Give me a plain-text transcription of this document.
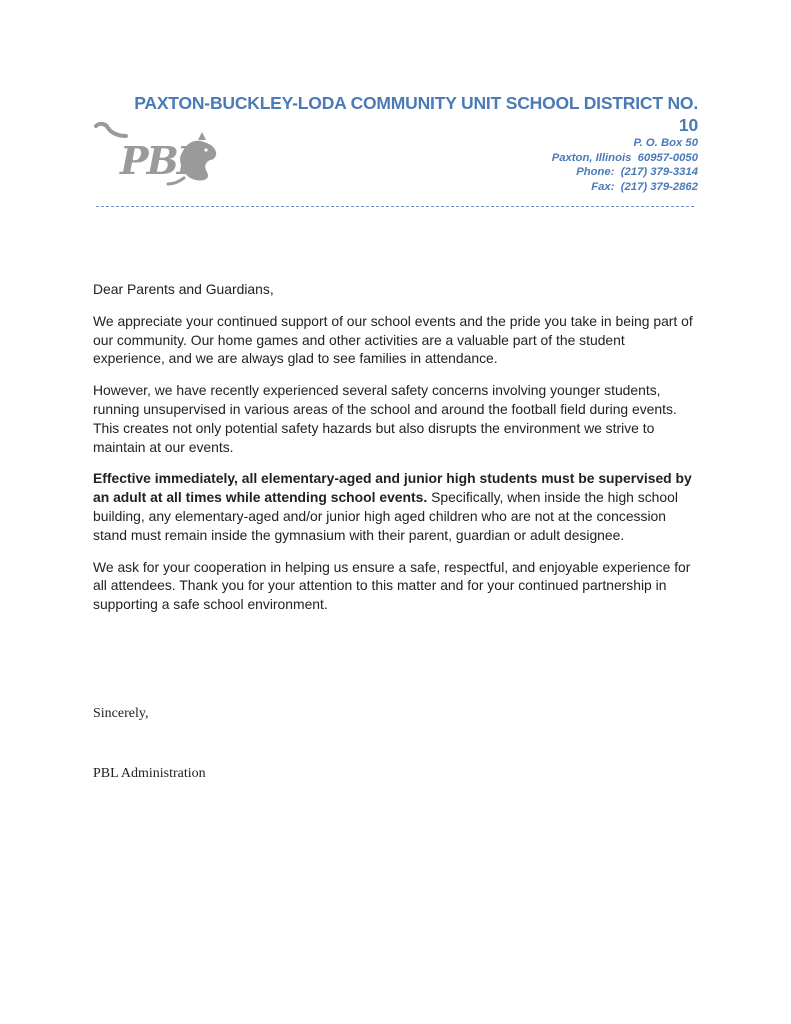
PBL
PAXTON-BUCKLEY-LODA COMMUNITY UNIT SCHOOL DISTRICT NO. 10
P. O. Box 50
Paxton, Illinois  60957-0050
Phone:  (217) 379-3314
Fax:  (217) 379-2862

Dear Parents and Guardians,

We appreciate your continued support of our school events and the pride you take in being part of our community. Our home games and other activities are a valuable part of the student experience, and we are always glad to see families in attendance.

However, we have recently experienced several safety concerns involving younger students, running unsupervised in various areas of the school and around the football field during events. This creates not only potential safety hazards but also disrupts the environment we strive to maintain at our events.

Effective immediately, all elementary-aged and junior high students must be supervised by an adult at all times while attending school events. Specifically, when inside the high school building, any elementary-aged and/or junior high aged children who are not at the concession stand must remain inside the gymnasium with their parent, guardian or adult designee.

We ask for your cooperation in helping us ensure a safe, respectful, and enjoyable experience for all attendees. Thank you for your attention to this matter and for your continued partnership in supporting a safe school environment.

Sincerely,
PBL Administration
